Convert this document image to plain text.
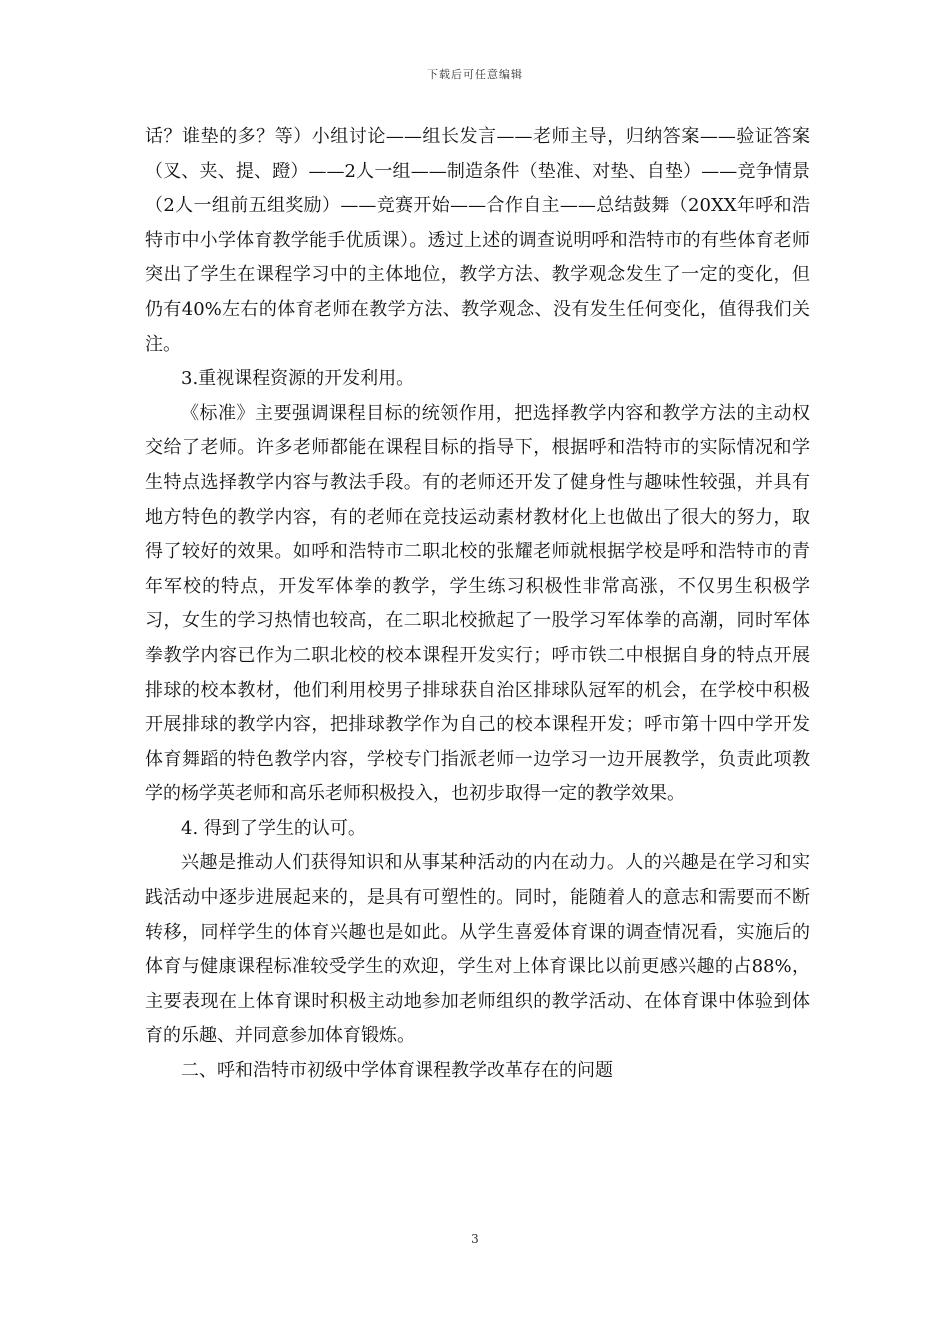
下载后可任意编辑

话？谁垫的多？等）小组讨论——组长发言——老师主导，归纳答案——验证答案（叉、夹、提、蹬）——2人一组——制造条件（垫准、对垫、自垫）——竞争情景（2人一组前五组奖励）——竞赛开始——合作自主——总结鼓舞（20XX年呼和浩特市中小学体育教学能手优质课）。透过上述的调查说明呼和浩特市的有些体育老师突出了学生在课程学习中的主体地位，教学方法、教学观念发生了一定的变化，但仍有40%左右的体育老师在教学方法、教学观念、没有发生任何变化，值得我们关注。

3.重视课程资源的开发利用。

《标准》主要强调课程目标的统领作用，把选择教学内容和教学方法的主动权交给了老师。许多老师都能在课程目标的指导下，根据呼和浩特市的实际情况和学生特点选择教学内容与教法手段。有的老师还开发了健身性与趣味性较强，并具有地方特色的教学内容，有的老师在竞技运动素材教材化上也做出了很大的努力，取得了较好的效果。如呼和浩特市二职北校的张耀老师就根据学校是呼和浩特市的青年军校的特点，开发军体拳的教学，学生练习积极性非常高涨，不仅男生积极学习，女生的学习热情也较高，在二职北校掀起了一股学习军体拳的高潮，同时军体拳教学内容已作为二职北校的校本课程开发实行；呼市铁二中根据自身的特点开展排球的校本教材，他们利用校男子排球获自治区排球队冠军的机会，在学校中积极开展排球的教学内容，把排球教学作为自己的校本课程开发；呼市第十四中学开发体育舞蹈的特色教学内容，学校专门指派老师一边学习一边开展教学，负责此项教学的杨学英老师和高乐老师积极投入，也初步取得一定的教学效果。

4. 得到了学生的认可。

兴趣是推动人们获得知识和从事某种活动的内在动力。人的兴趣是在学习和实践活动中逐步进展起来的，是具有可塑性的。同时，能随着人的意志和需要而不断转移，同样学生的体育兴趣也是如此。从学生喜爱体育课的调查情况看，实施后的体育与健康课程标准较受学生的欢迎，学生对上体育课比以前更感兴趣的占88%，主要表现在上体育课时积极主动地参加老师组织的教学活动、在体育课中体验到体育的乐趣、并同意参加体育锻炼。

二、呼和浩特市初级中学体育课程教学改革存在的问题

3
